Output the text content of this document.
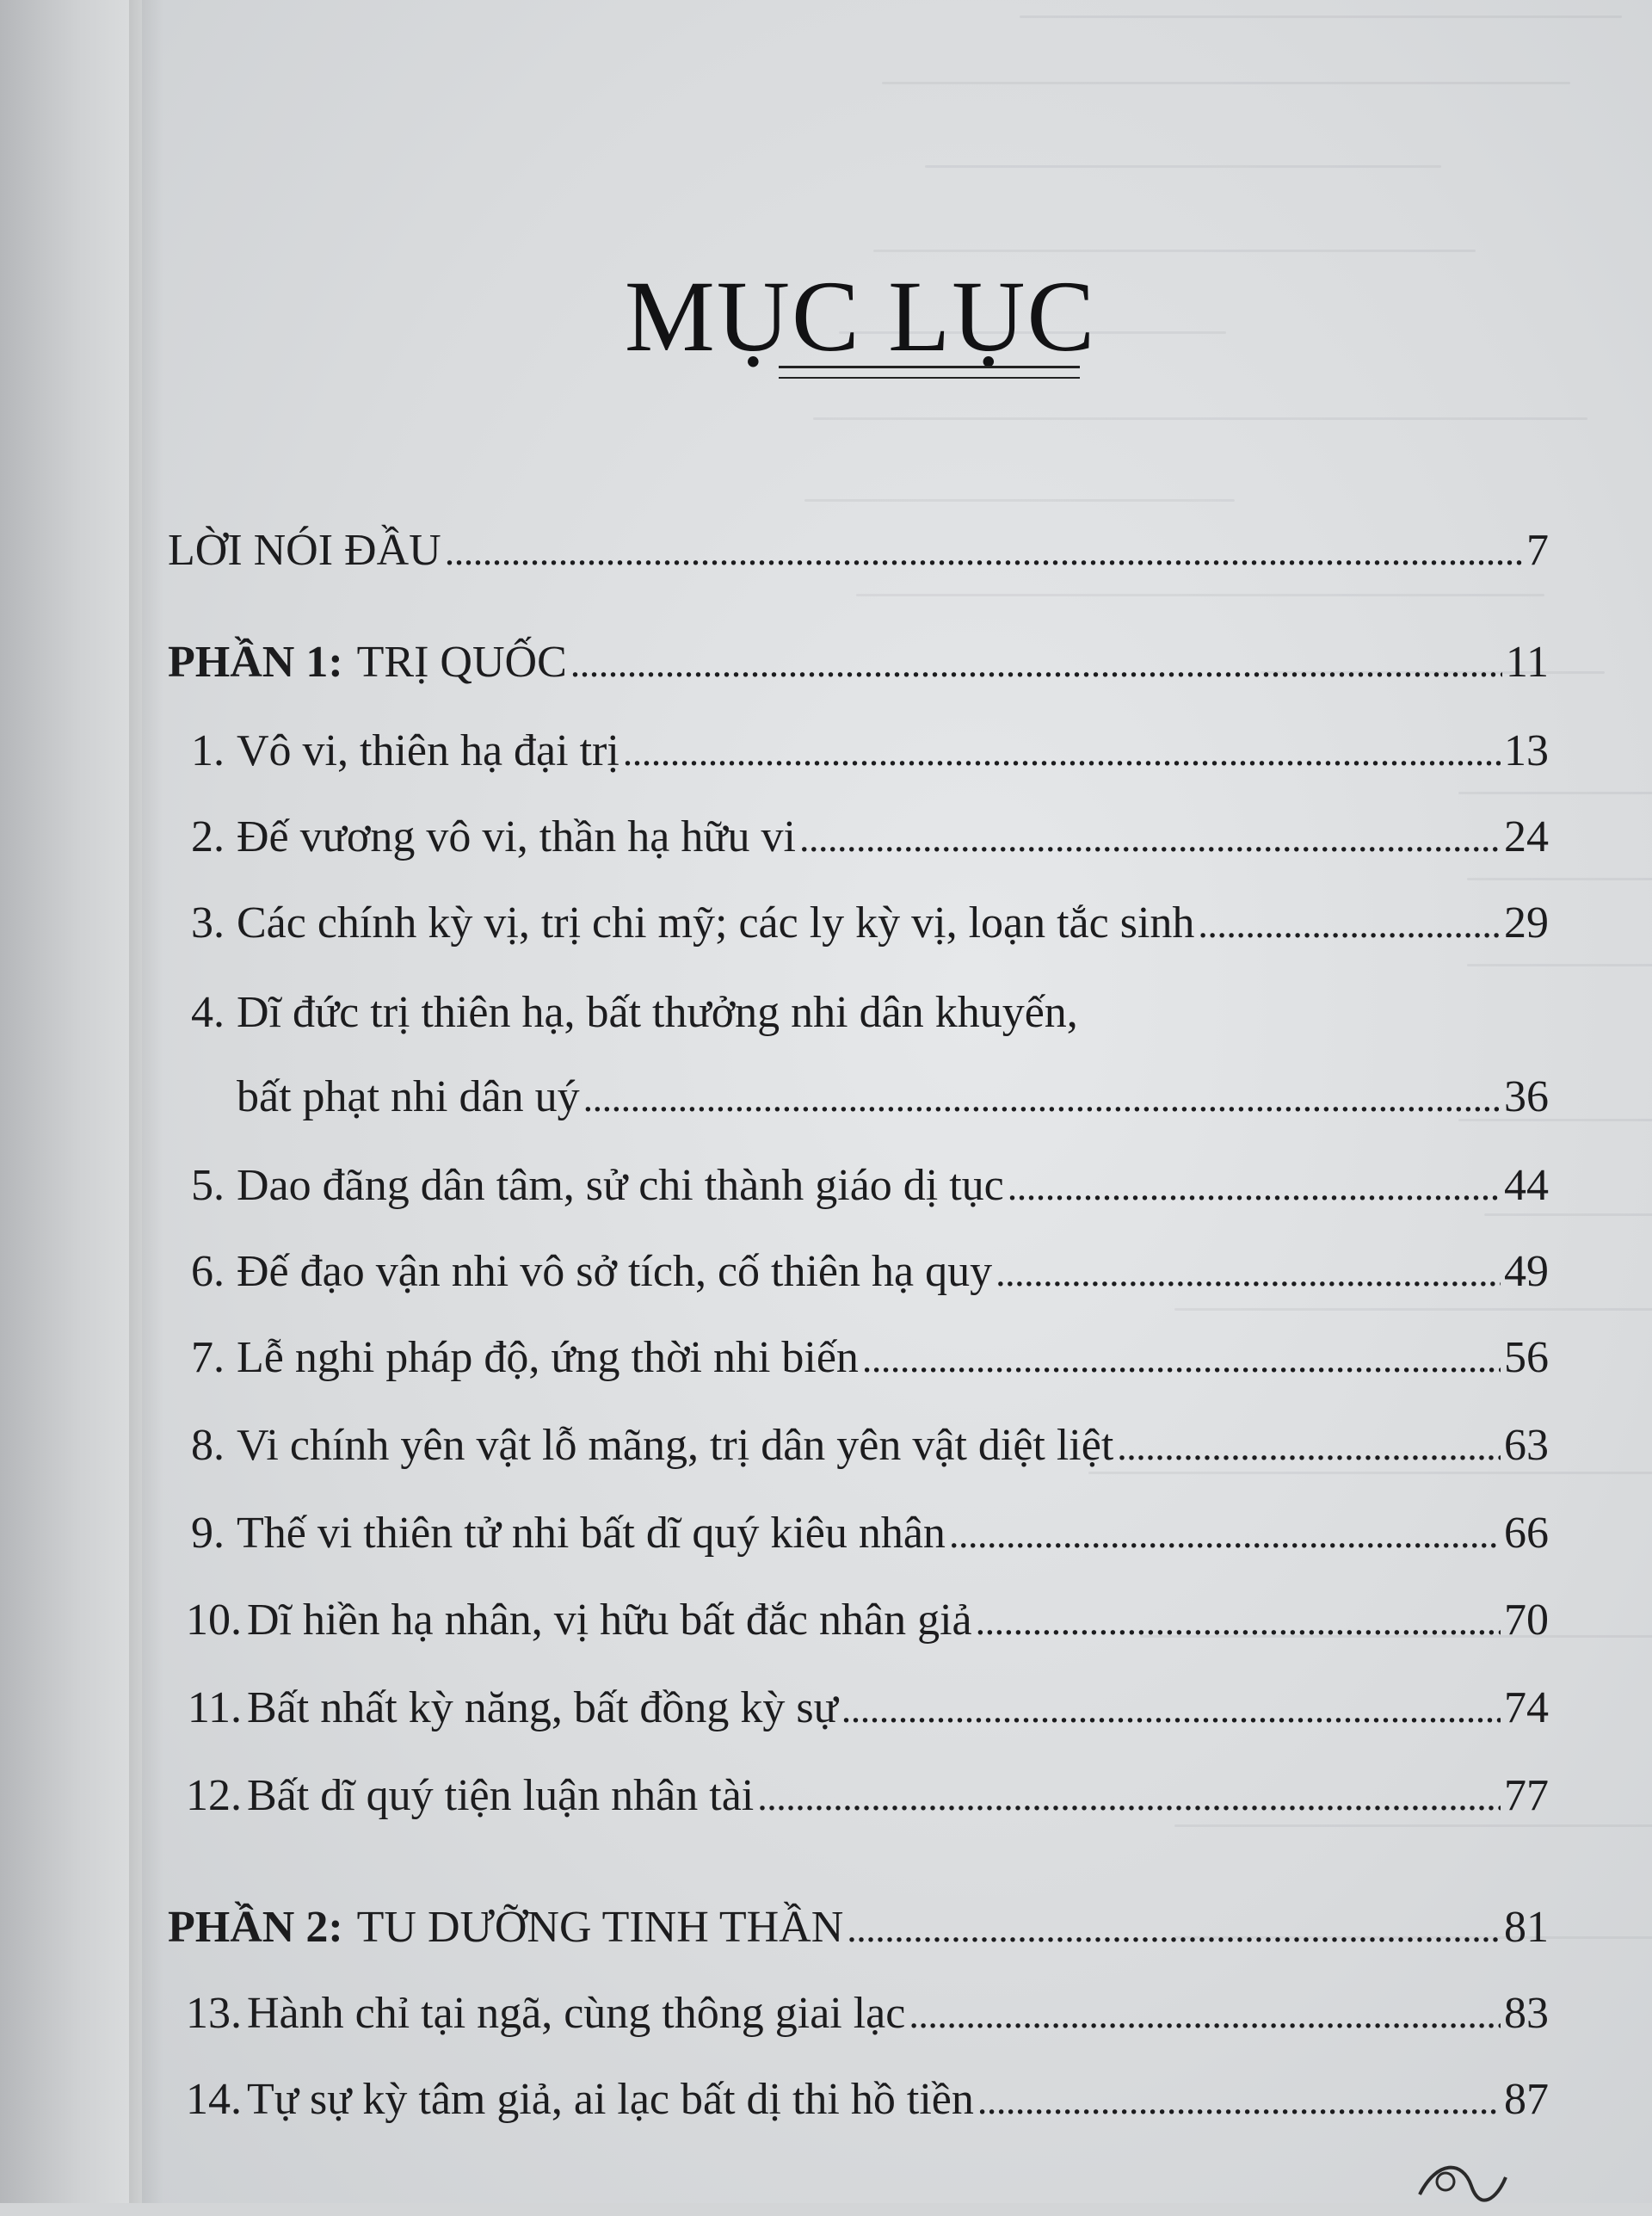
MỤC LỤC
LỜI NÓI ĐẦU . . .	7
PHẦN 1: TRỊ QUỐC . . .	11
1. Vô vi, thiên hạ đại trị . . .	13
2. Đế vương vô vi, thần hạ hữu vi . . .	24
3. Các chính kỳ vị, trị chi mỹ; các ly kỳ vị, loạn tắc sinh . . .	29
4. Dĩ đức trị thiên hạ, bất thưởng nhi dân khuyến,
bất phạt nhi dân uý . . .	36
5. Dao đãng dân tâm, sử chi thành giáo dị tục . . .	44
6. Đế đạo vận nhi vô sở tích, cố thiên hạ quy . . .	49
7. Lễ nghi pháp độ, ứng thời nhi biến . . .	56
8. Vi chính yên vật lỗ mãng, trị dân yên vật diệt liệt . . .	63
9. Thế vi thiên tử nhi bất dĩ quý kiêu nhân . . .	66
10. Dĩ hiền hạ nhân, vị hữu bất đắc nhân giả . . .	70
11. Bất nhất kỳ năng, bất đồng kỳ sự . . .	74
12. Bất dĩ quý tiện luận nhân tài . . .	77
PHẦN 2: TU DƯỠNG TINH THẦN . . .	81
13. Hành chỉ tại ngã, cùng thông giai lạc . . .	83
14. Tự sự kỳ tâm giả, ai lạc bất dị thi hồ tiền . . .	87
